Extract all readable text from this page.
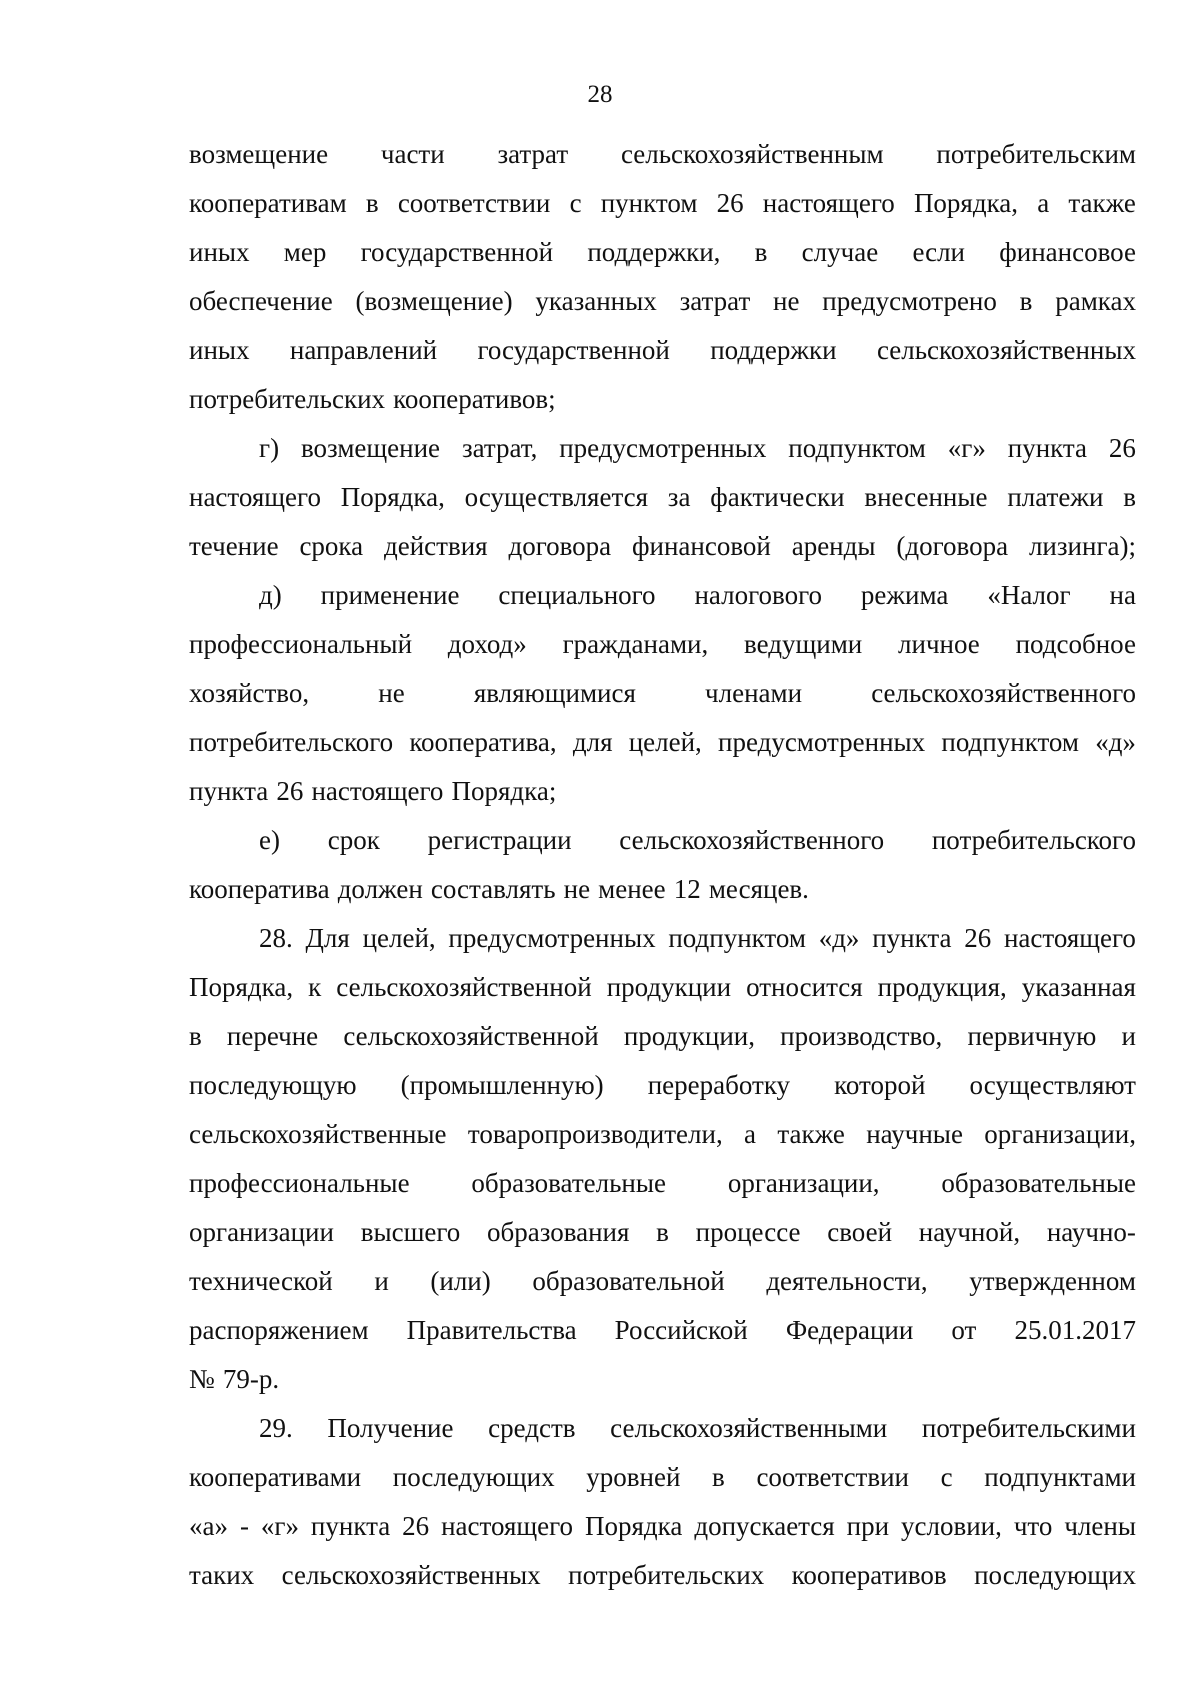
28
возмещение части затрат сельскохозяйственным потребительским
кооперативам в соответствии с пунктом 26 настоящего Порядка, а также
иных мер государственной поддержки, в случае если финансовое
обеспечение (возмещение) указанных затрат не предусмотрено в рамках
иных направлений государственной поддержки сельскохозяйственных
потребительских кооперативов;
г) возмещение затрат, предусмотренных подпунктом «г» пункта 26
настоящего Порядка, осуществляется за фактически внесенные платежи в
течение срока действия договора финансовой аренды (договора лизинга);
д) применение специального налогового режима «Налог на
профессиональный доход» гражданами, ведущими личное подсобное
хозяйство,	не	являющимися	членами	сельскохозяйственного
потребительского кооператива, для целей, предусмотренных подпунктом «д»
пункта 26 настоящего Порядка;
е) срок регистрации сельскохозяйственного потребительского
кооператива должен составлять не менее 12 месяцев.
28. Для целей, предусмотренных подпунктом «д» пункта 26 настоящего
Порядка, к сельскохозяйственной продукции относится продукция, указанная
в перечне сельскохозяйственной продукции, производство, первичную и
последующую (промышленную) переработку которой осуществляют
сельскохозяйственные товаропроизводители, а также научные организации,
профессиональные образовательные организации, образовательные
организации высшего образования в процессе своей научной, научно-
технической и (или) образовательной деятельности, утвержденном
распоряжением Правительства Российской Федерации от 25.01.2017
№ 79-р.
29. Получение средств сельскохозяйственными потребительскими
кооперативами последующих уровней в соответствии с подпунктами
«а» - «г» пункта 26 настоящего Порядка допускается при условии, что члены
таких сельскохозяйственных потребительских кооперативов последующих
